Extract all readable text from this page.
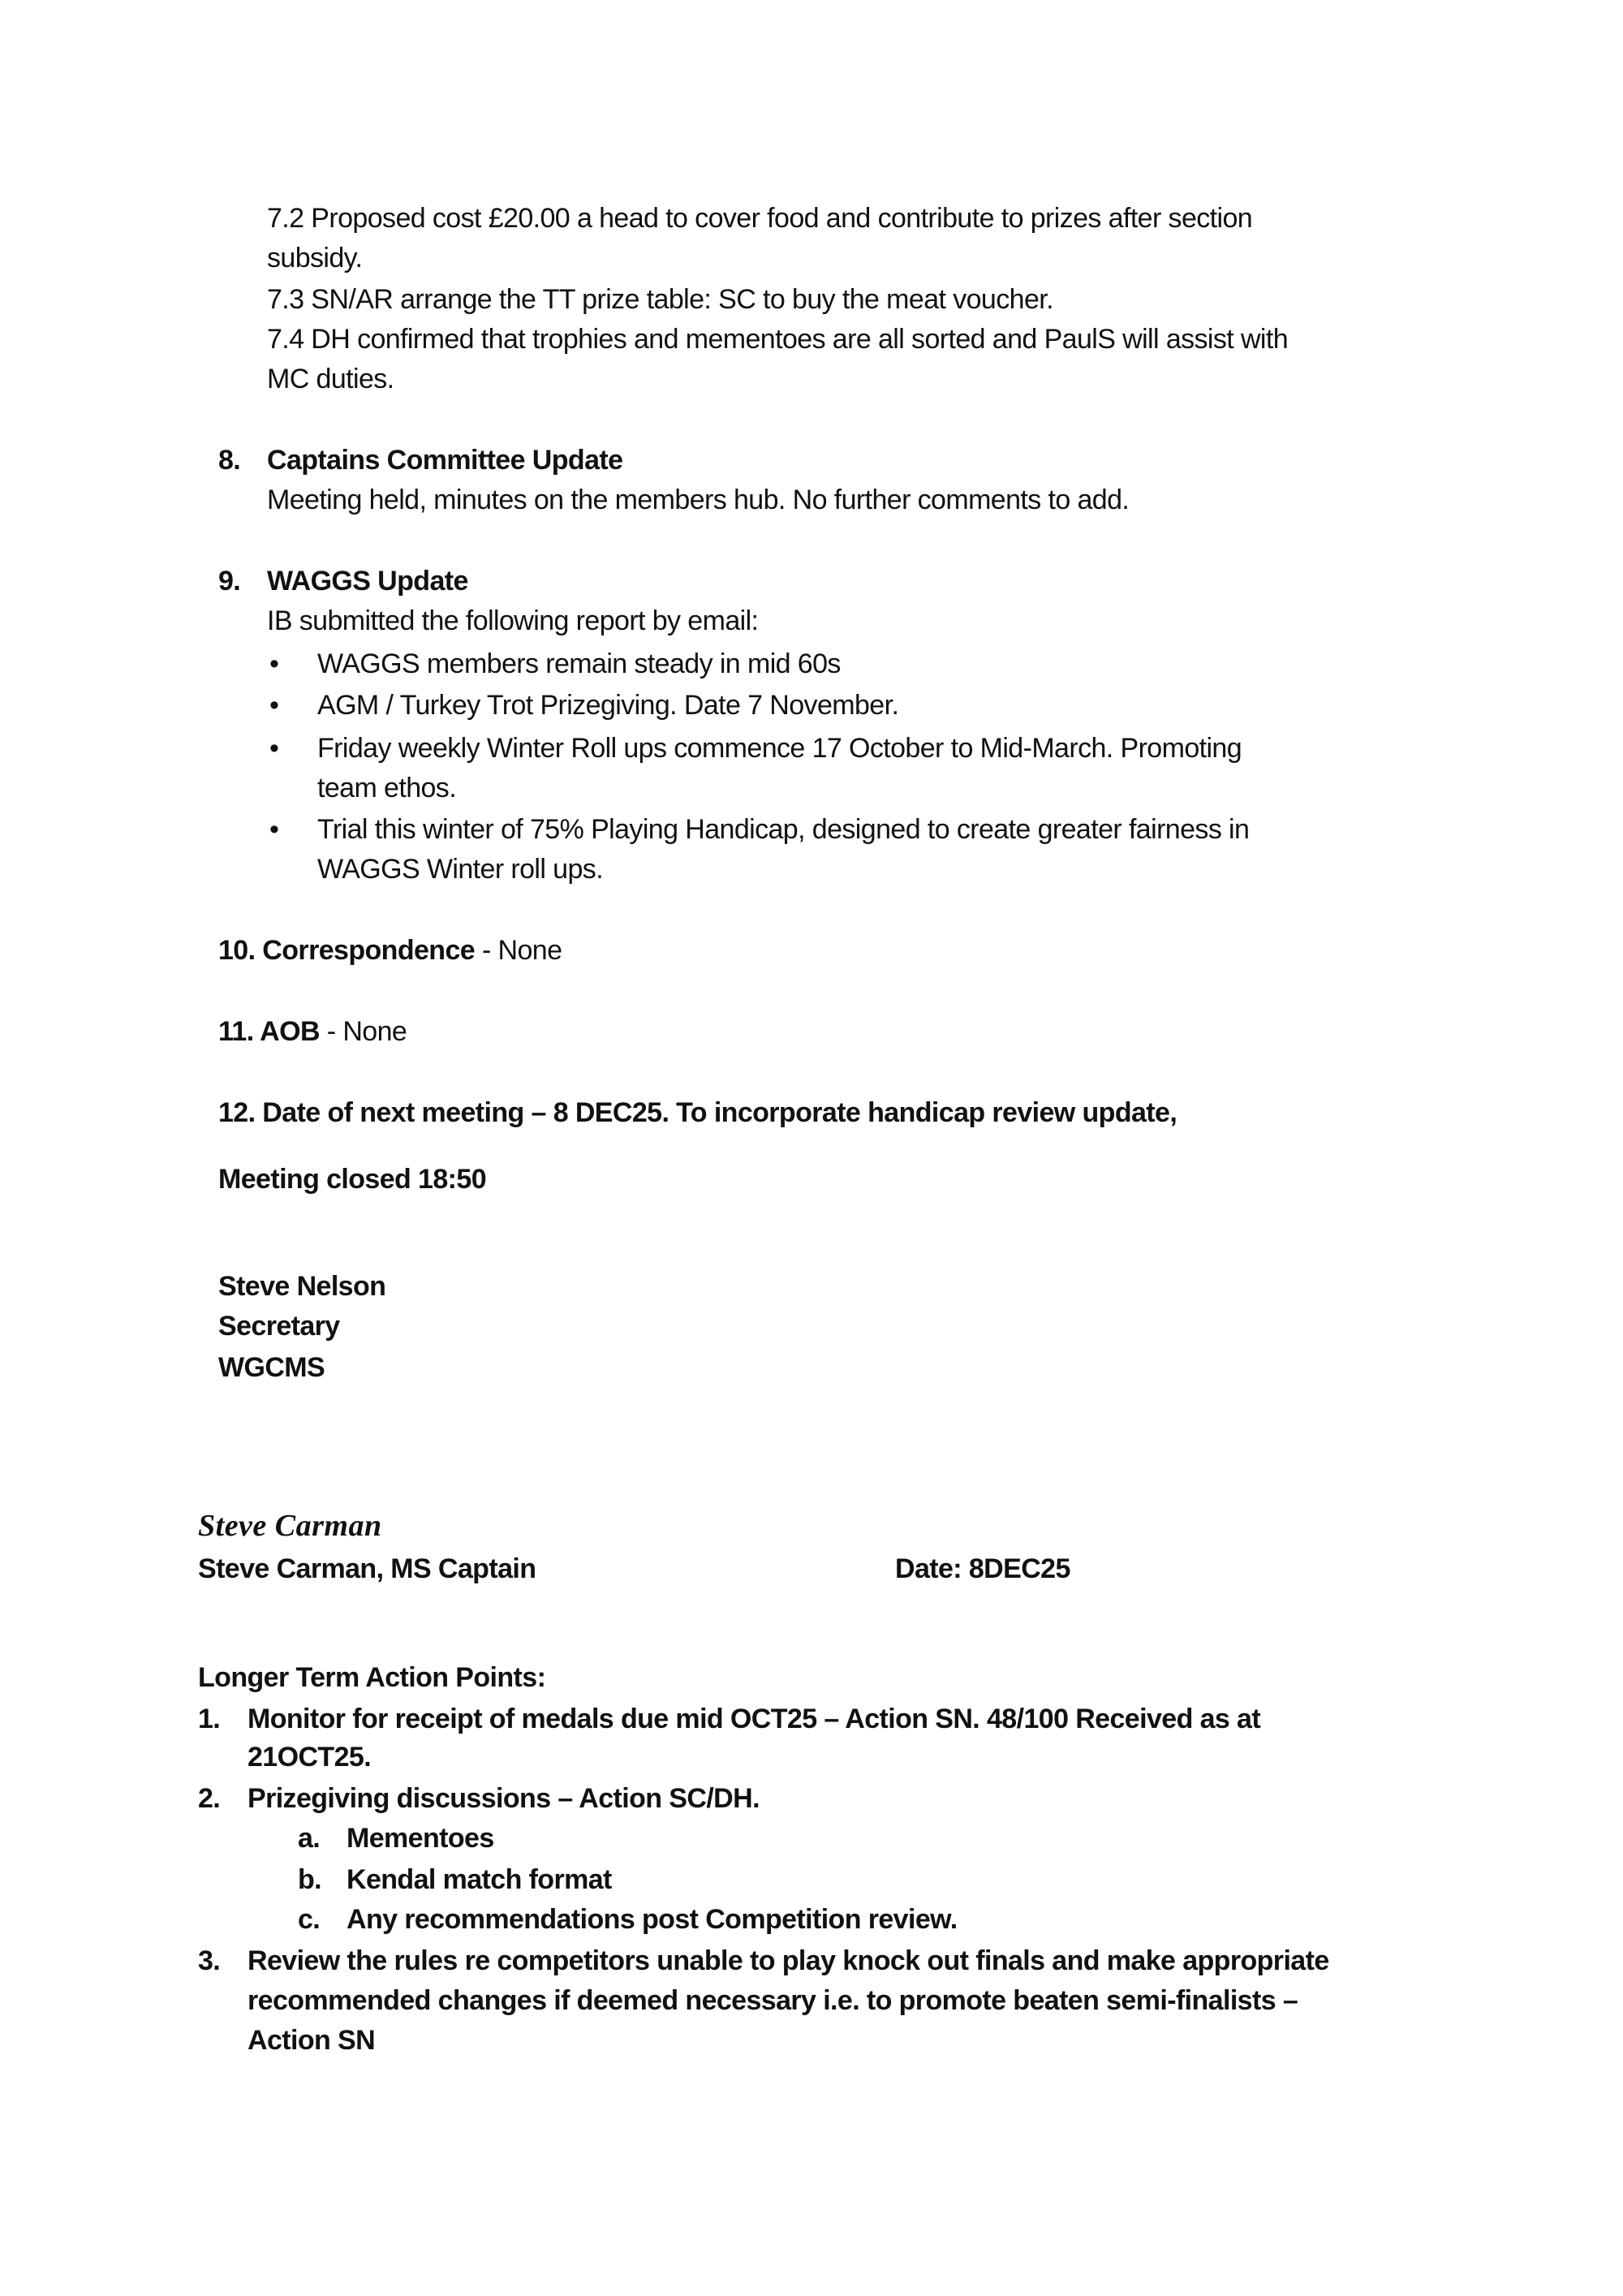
7.2 Proposed cost £20.00 a head to cover food and contribute to prizes after section
subsidy.
7.3 SN/AR arrange the TT prize table: SC to buy the meat voucher.
7.4 DH confirmed that trophies and mementoes are all sorted and PaulS will assist with
MC duties.
8. Captains Committee Update
Meeting held, minutes on the members hub. No further comments to add.
9. WAGGS Update
IB submitted the following report by email:
• WAGGS members remain steady in mid 60s
• AGM / Turkey Trot Prizegiving. Date 7 November.
• Friday weekly Winter Roll ups commence 17 October to Mid-March. Promoting
team ethos.
• Trial this winter of 75% Playing Handicap, designed to create greater fairness in
WAGGS Winter roll ups.
10. Correspondence - None
11. AOB - None
12. Date of next meeting – 8 DEC25. To incorporate handicap review update,
Meeting closed 18:50
Steve Nelson
Secretary
WGCMS
Steve Carman
Steve Carman, MS Captain	Date: 8DEC25
Longer Term Action Points:
1. Monitor for receipt of medals due mid OCT25 – Action SN. 48/100 Received as at
21OCT25.
2. Prizegiving discussions – Action SC/DH.
a. Mementoes
b. Kendal match format
c. Any recommendations post Competition review.
3. Review the rules re competitors unable to play knock out finals and make appropriate
recommended changes if deemed necessary i.e. to promote beaten semi-finalists –
Action SN
